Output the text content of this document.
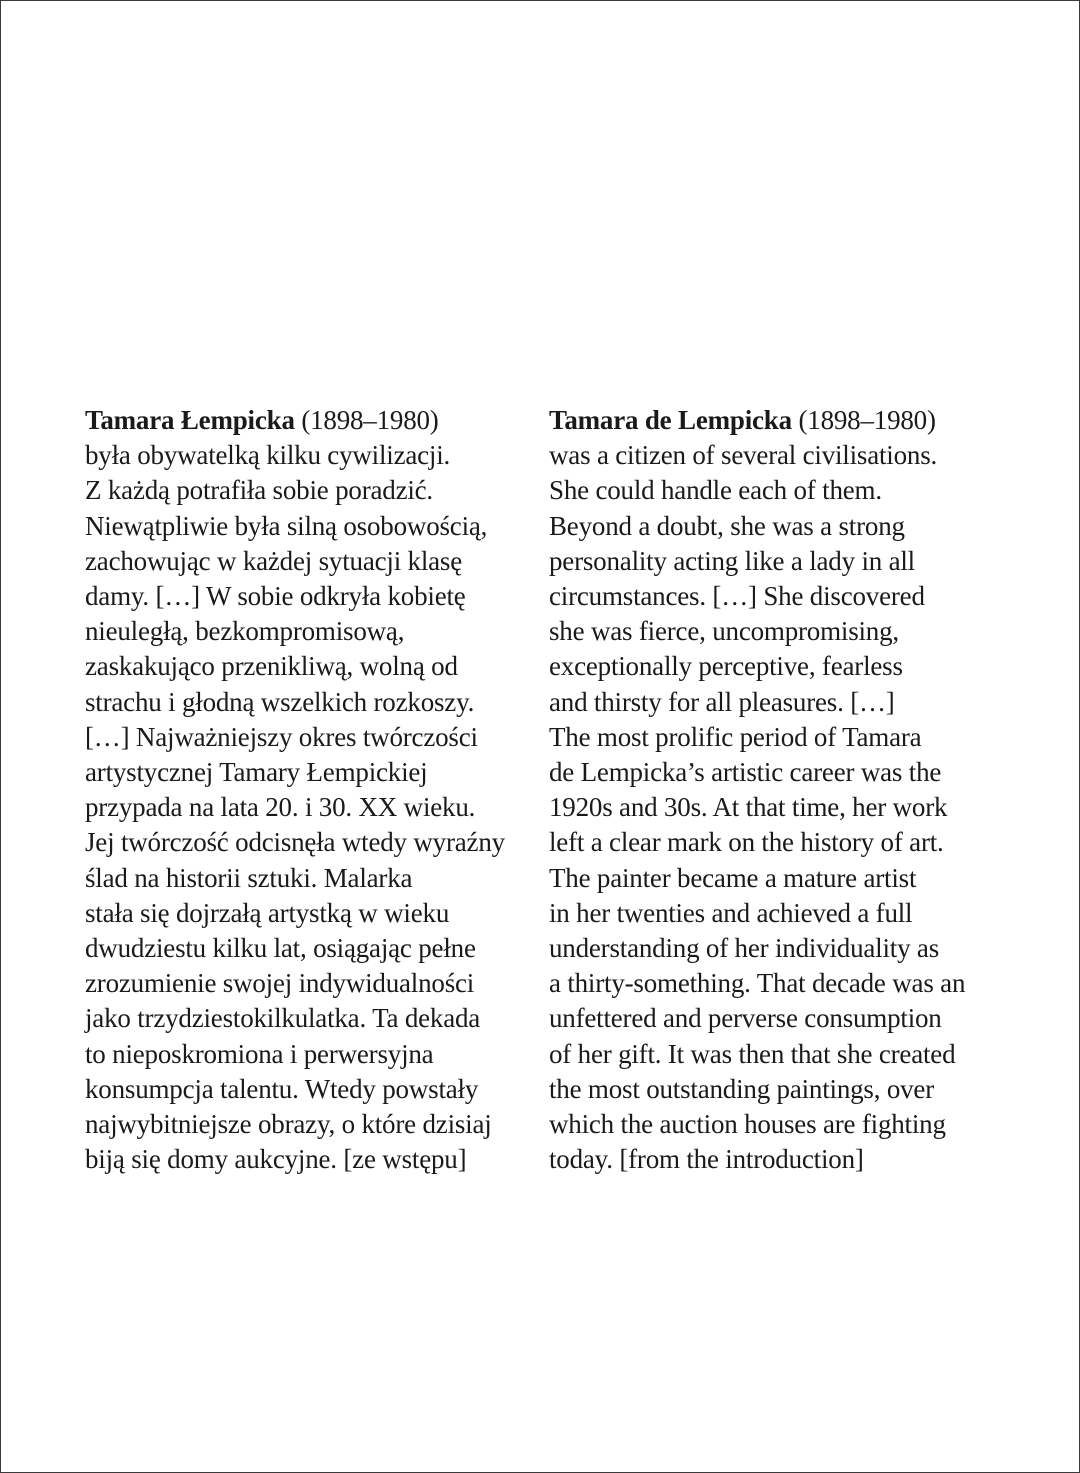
Tamara Łempicka (1898–1980)
była obywatelką kilku cywilizacji.
Z każdą potrafiła sobie poradzić.
Niewątpliwie była silną osobowością,
zachowując w każdej sytuacji klasę
damy. […] W sobie odkryła kobietę
nieuległą, bezkompromisową,
zaskakująco przenikliwą, wolną od
strachu i głodną wszelkich rozkoszy.
[…] Najważniejszy okres twórczości
artystycznej Tamary Łempickiej
przypada na lata 20. i 30. XX wieku.
Jej twórczość odcisnęła wtedy wyraźny
ślad na historii sztuki. Malarka
stała się dojrzałą artystką w wieku
dwudziestu kilku lat, osiągając pełne
zrozumienie swojej indywidualności
jako trzydziestokilkulatka. Ta dekada
to nieposkromiona i perwersyjna
konsumpcja talentu. Wtedy powstały
najwybitniejsze obrazy, o które dzisiaj
biją się domy aukcyjne. [ze wstępu]
Tamara de Lempicka (1898–1980)
was a citizen of several civilisations.
She could handle each of them.
Beyond a doubt, she was a strong
personality acting like a lady in all
circumstances. […] She discovered
she was fierce, uncompromising,
exceptionally perceptive, fearless
and thirsty for all pleasures. […]
The most prolific period of Tamara
de Lempicka’s artistic career was the
1920s and 30s. At that time, her work
left a clear mark on the history of art.
The painter became a mature artist
in her twenties and achieved a full
understanding of her individuality as
a thirty-something. That decade was an
unfettered and perverse consumption
of her gift. It was then that she created
the most outstanding paintings, over
which the auction houses are fighting
today. [from the introduction]
